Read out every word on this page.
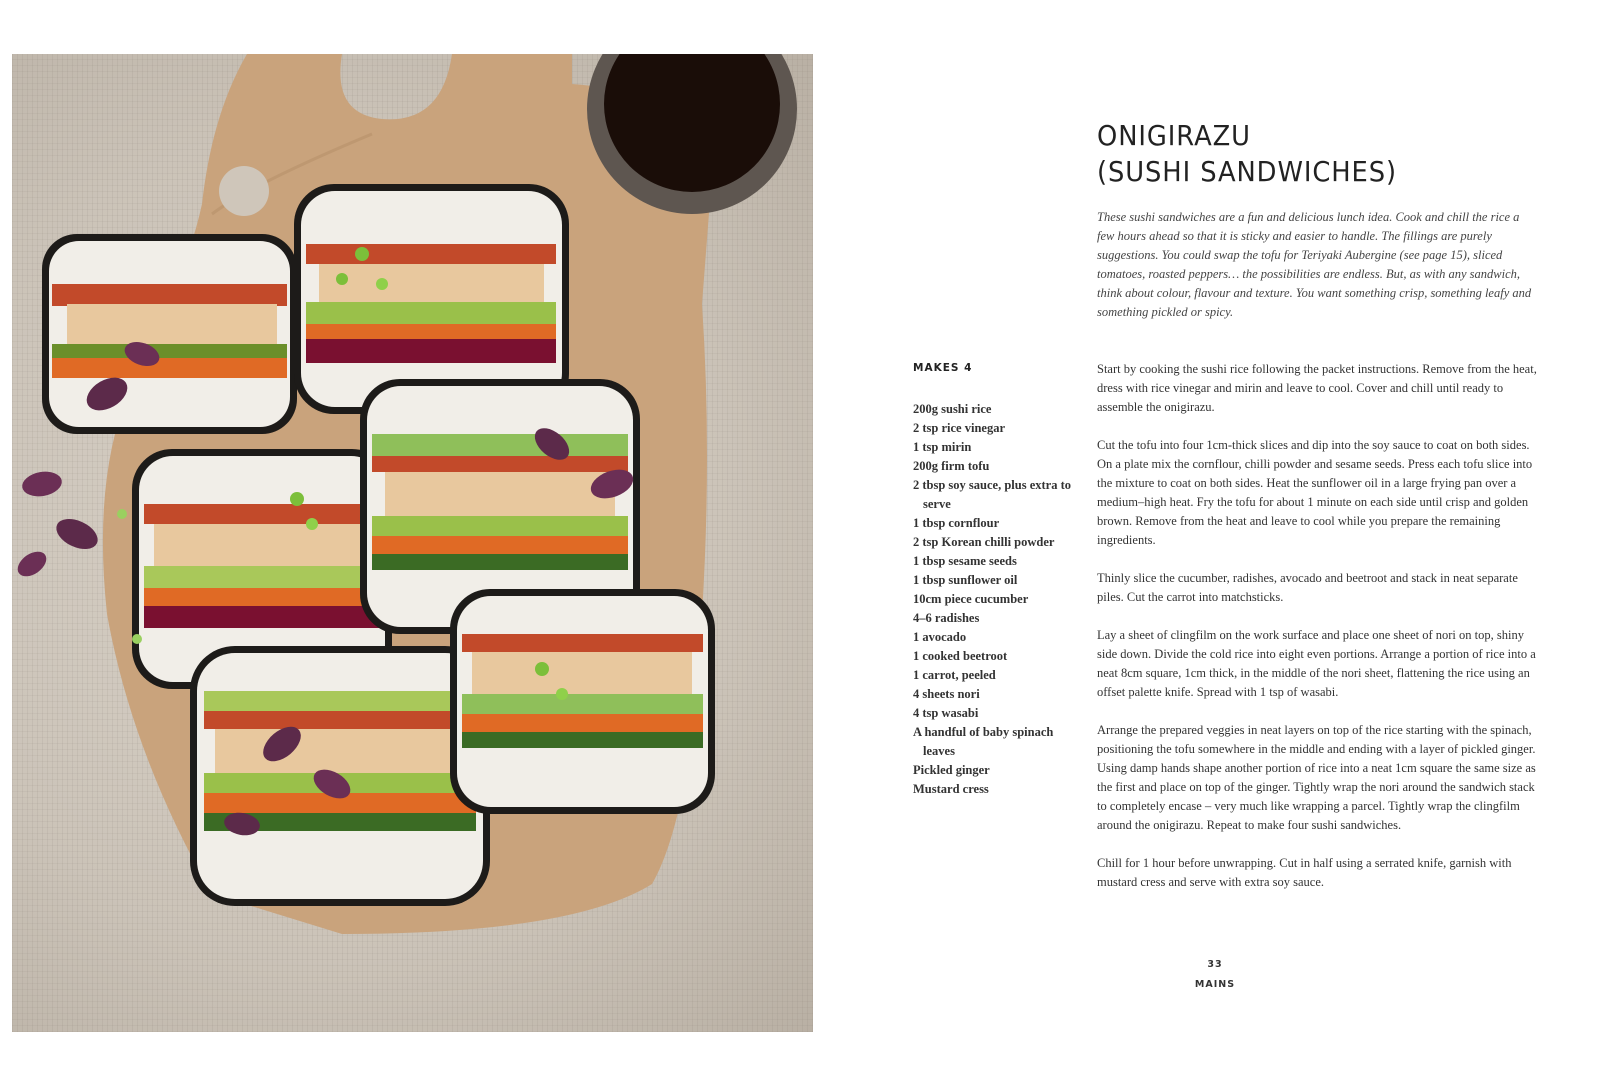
ONIGIRAZU
(SUSHI SANDWICHES)

These sushi sandwiches are a fun and delicious lunch idea. Cook and chill the rice a few hours ahead so that it is sticky and easier to handle. The fillings are purely suggestions. You could swap the tofu for Teriyaki Aubergine (see page 15), sliced tomatoes, roasted peppers… the possibilities are endless. But, as with any sandwich, think about colour, flavour and texture. You want something crisp, something leafy and something pickled or spicy.

MAKES 4
200g sushi rice
2 tsp rice vinegar
1 tsp mirin
200g firm tofu
2 tbsp soy sauce, plus extra to serve
1 tbsp cornflour
2 tsp Korean chilli powder
1 tbsp sesame seeds
1 tbsp sunflower oil
10cm piece cucumber
4–6 radishes
1 avocado
1 cooked beetroot
1 carrot, peeled
4 sheets nori
4 tsp wasabi
A handful of baby spinach leaves
Pickled ginger
Mustard cress

Start by cooking the sushi rice following the packet instructions. Remove from the heat, dress with rice vinegar and mirin and leave to cool. Cover and chill until ready to assemble the onigirazu.

Cut the tofu into four 1cm-thick slices and dip into the soy sauce to coat on both sides. On a plate mix the cornflour, chilli powder and sesame seeds. Press each tofu slice into the mixture to coat on both sides. Heat the sunflower oil in a large frying pan over a medium–high heat. Fry the tofu for about 1 minute on each side until crisp and golden brown. Remove from the heat and leave to cool while you prepare the remaining ingredients.

Thinly slice the cucumber, radishes, avocado and beetroot and stack in neat separate piles. Cut the carrot into matchsticks.

Lay a sheet of clingfilm on the work surface and place one sheet of nori on top, shiny side down. Divide the cold rice into eight even portions. Arrange a portion of rice into a neat 8cm square, 1cm thick, in the middle of the nori sheet, flattening the rice using an offset palette knife. Spread with 1 tsp of wasabi.

Arrange the prepared veggies in neat layers on top of the rice starting with the spinach, positioning the tofu somewhere in the middle and ending with a layer of pickled ginger. Using damp hands shape another portion of rice into a neat 1cm square the same size as the first and place on top of the ginger. Tightly wrap the nori around the sandwich stack to completely encase – very much like wrapping a parcel. Tightly wrap the clingfilm around the onigirazu. Repeat to make four sushi sandwiches.

Chill for 1 hour before unwrapping. Cut in half using a serrated knife, garnish with mustard cress and serve with extra soy sauce.

33
MAINS
